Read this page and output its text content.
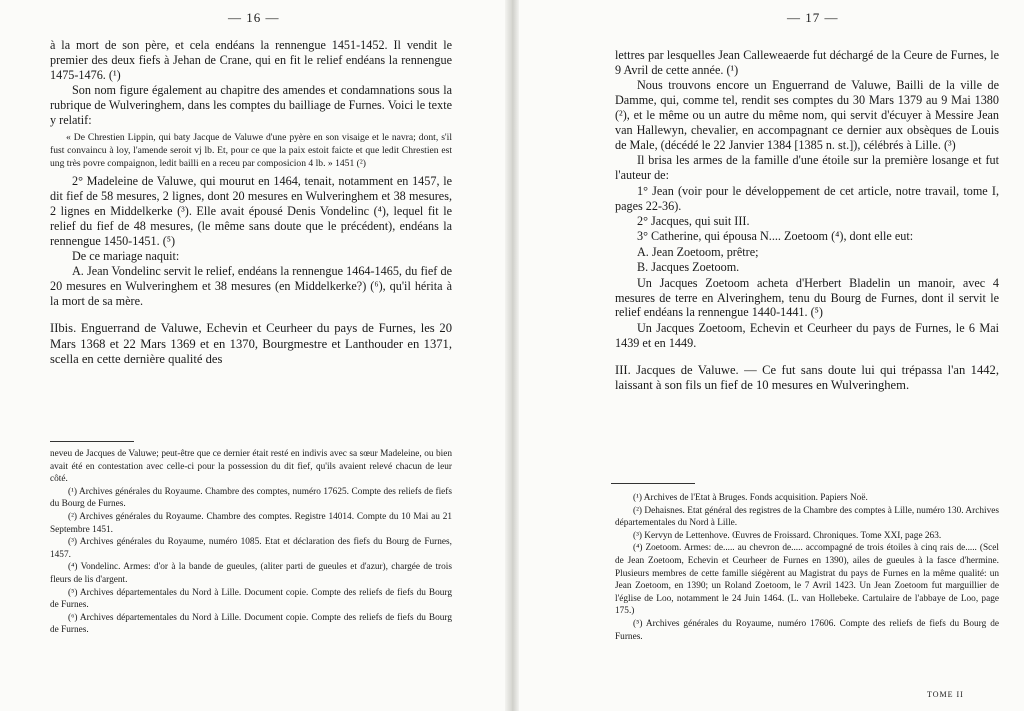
— 16 —

à la mort de son père, et cela endéans la rennengue 1451-1452. Il vendit le premier des deux fiefs à Jehan de Crane, qui en fit le relief endéans la rennengue 1475-1476. (¹)

Son nom figure également au chapitre des amendes et condamnations sous la rubrique de Wulveringhem, dans les comptes du bailliage de Furnes. Voici le texte y relatif:

« De Chrestien Lippin, qui baty Jacque de Valuwe d'une pyère en son visaige et le navra; dont, s'il fust convaincu à loy, l'amende seroit vj lb. Et, pour ce que la paix estoit faicte et que ledit Chrestien est ung très povre compaignon, ledit bailli en a receu par composicion 4 lb. » 1451 (²)

2° Madeleine de Valuwe, qui mourut en 1464, tenait, notamment en 1457, le dit fief de 58 mesures, 2 lignes, dont 20 mesures en Wulveringhem et 38 mesures, 2 lignes en Middelkerke (³). Elle avait épousé Denis Vondelinc (⁴), lequel fit le relief du fief de 48 mesures, (le même sans doute que le précédent), endéans la rennengue 1450-1451. (⁵)

De ce mariage naquit:

A. Jean Vondelinc servit le relief, endéans la rennengue 1464-1465, du fief de 20 mesures en Wulveringhem et 38 mesures (en Middelkerke?) (⁶), qu'il hérita à la mort de sa mère.

IIbis. Enguerrand de Valuwe, Echevin et Ceurheer du pays de Furnes, les 20 Mars 1368 et 22 Mars 1369 et en 1370, Bourgmestre et Lanthouder en 1371, scella en cette dernière qualité des

neveu de Jacques de Valuwe; peut-être que ce dernier était resté en indivis avec sa sœur Madeleine, ou bien avait été en contestation avec celle-ci pour la possession du dit fief, qu'ils avaient relevé chacun de leur côté.

(¹) Archives générales du Royaume. Chambre des comptes, numéro 17625. Compte des reliefs de fiefs du Bourg de Furnes.

(²) Archives générales du Royaume. Chambre des comptes. Registre 14014. Compte du 10 Mai au 21 Septembre 1451.

(³) Archives générales du Royaume, numéro 1085. Etat et déclaration des fiefs du Bourg de Furnes, 1457.

(⁴) Vondelinc. Armes: d'or à la bande de gueules, (aliter parti de gueules et d'azur), chargée de trois fleurs de lis d'argent.

(⁵) Archives départementales du Nord à Lille. Document copie. Compte des reliefs de fiefs du Bourg de Furnes.

(⁶) Archives départementales du Nord à Lille. Document copie. Compte des reliefs de fiefs du Bourg de Furnes.

— 17 —

lettres par lesquelles Jean Calleweaerde fut déchargé de la Ceure de Furnes, le 9 Avril de cette année. (¹)

Nous trouvons encore un Enguerrand de Valuwe, Bailli de la ville de Damme, qui, comme tel, rendit ses comptes du 30 Mars 1379 au 9 Mai 1380 (²), et le même ou un autre du même nom, qui servit d'écuyer à Messire Jean van Hallewyn, chevalier, en accompagnant ce dernier aux obsèques de Louis de Male, (décédé le 22 Janvier 1384 [1385 n. st.]), célébrés à Lille. (³)

Il brisa les armes de la famille d'une étoile sur la première losange et fut l'auteur de:

1° Jean (voir pour le développement de cet article, notre travail, tome I, pages 22-36).

2° Jacques, qui suit III.

3° Catherine, qui épousa N.... Zoetoom (⁴), dont elle eut:

A. Jean Zoetoom, prêtre;

B. Jacques Zoetoom.

Un Jacques Zoetoom acheta d'Herbert Bladelin un manoir, avec 4 mesures de terre en Alveringhem, tenu du Bourg de Furnes, dont il servit le relief endéans la rennengue 1440-1441. (⁵)

Un Jacques Zoetoom, Echevin et Ceurheer du pays de Furnes, le 6 Mai 1439 et en 1449.

III. Jacques de Valuwe. — Ce fut sans doute lui qui trépassa l'an 1442, laissant à son fils un fief de 10 mesures en Wulveringhem.

(¹) Archives de l'Etat à Bruges. Fonds acquisition. Papiers Noë.

(²) Dehaisnes. Etat général des registres de la Chambre des comptes à Lille, numéro 130. Archives départementales du Nord à Lille.

(³) Kervyn de Lettenhove. Œuvres de Froissard. Chroniques. Tome XXI, page 263.

(⁴) Zoetoom. Armes: de..... au chevron de..... accompagné de trois étoiles à cinq rais de..... (Scel de Jean Zoetoom, Echevin et Ceurheer de Furnes en 1390), ailes de gueules à la fasce d'hermine. Plusieurs membres de cette famille siégèrent au Magistrat du pays de Furnes en la même qualité: un Jean Zoetoom, en 1390; un Roland Zoetoom, le 7 Avril 1423. Un Jean Zoetoom fut marguillier de l'église de Loo, notamment le 24 Juin 1464. (L. van Hollebeke. Cartulaire de l'abbaye de Loo, page 175.)

(⁵) Archives générales du Royaume, numéro 17606. Compte des reliefs de fiefs du Bourg de Furnes.

TOME II
